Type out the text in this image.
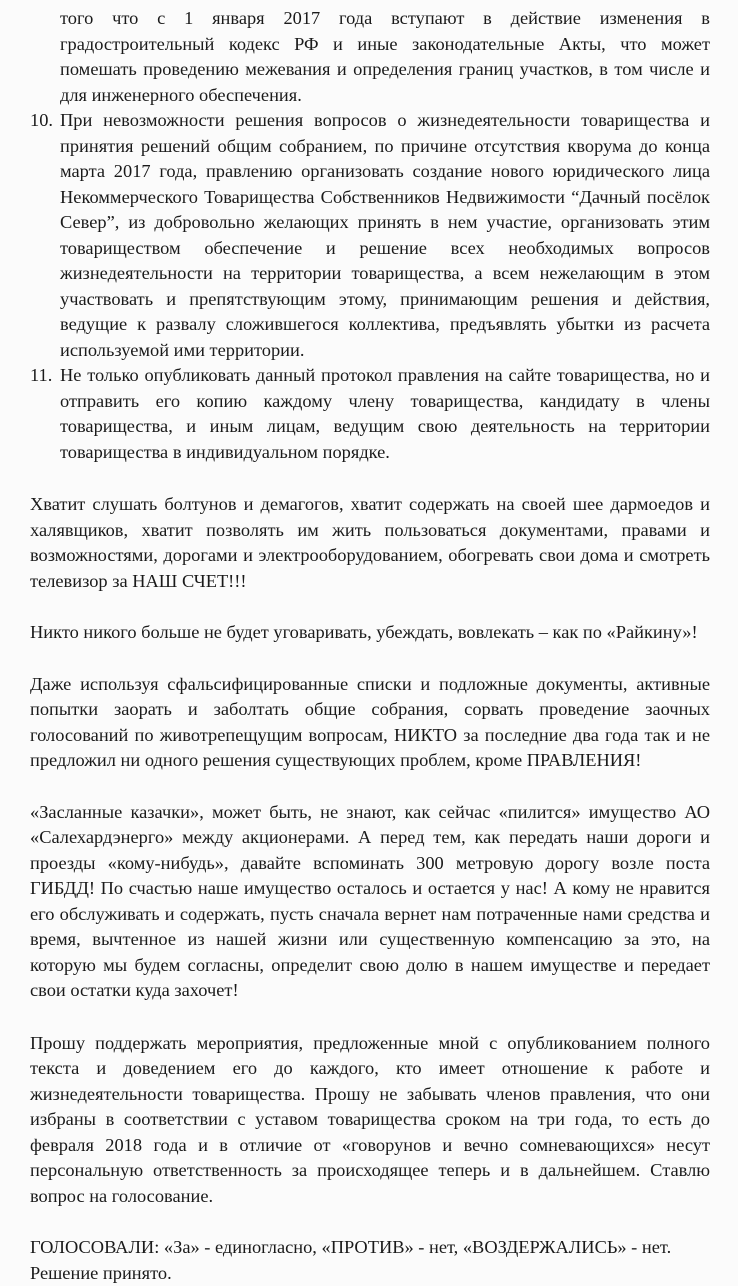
того что с 1 января 2017 года вступают в действие изменения в градостроительный кодекс РФ и иные законодательные Акты, что может помешать проведению межевания и определения границ участков, в том числе и для инженерного обеспечения.

10. При невозможности решения вопросов о жизнедеятельности товарищества и принятия решений общим собранием, по причине отсутствия кворума до конца марта 2017 года, правлению организовать создание нового юридического лица Некоммерческого Товарищества Собственников Недвижимости “Дачный посёлок Север”, из добровольно желающих принять в нем участие, организовать этим товариществом обеспечение и решение всех необходимых вопросов жизнедеятельности на территории товарищества, а всем нежелающим в этом участвовать и препятствующим этому, принимающим решения и действия, ведущие к развалу сложившегося коллектива, предъявлять убытки из расчета используемой ими территории.
11. Не только опубликовать данный протокол правления на сайте товарищества, но и отправить его копию каждому члену товарищества, кандидату в члены товарищества, и иным лицам, ведущим свою деятельность на территории товарищества в индивидуальном порядке.

Хватит слушать болтунов и демагогов, хватит содержать на своей шее дармоедов и халявщиков, хватит позволять им жить пользоваться документами, правами и возможностями, дорогами и электрооборудованием, обогревать свои дома и смотреть телевизор за НАШ СЧЕТ!!!

Никто никого больше не будет уговаривать, убеждать, вовлекать – как по «Райкину»!

Даже используя сфальсифицированные списки и подложные документы, активные попытки заорать и заболтать общие собрания, сорвать проведение заочных голосований по животрепещущим вопросам, НИКТО за последние два года так и не предложил ни одного решения существующих проблем, кроме ПРАВЛЕНИЯ!

«Засланные казачки», может быть, не знают, как сейчас «пилится» имущество АО «Салехардэнерго» между акционерами. А перед тем, как передать наши дороги и проезды «кому-нибудь», давайте вспоминать 300 метровую дорогу возле поста ГИБДД! По счастью наше имущество осталось и остается у нас! А кому не нравится его обслуживать и содержать, пусть сначала вернет нам потраченные нами средства и время, вычтенное из нашей жизни или существенную компенсацию за это, на которую мы будем согласны, определит свою долю в нашем имуществе и передает свои остатки куда захочет!

Прошу поддержать мероприятия, предложенные мной с опубликованием полного текста и доведением его до каждого, кто имеет отношение к работе и жизнедеятельности товарищества. Прошу не забывать членов правления, что они избраны в соответствии с уставом товарищества сроком на три года, то есть до февраля 2018 года и в отличие от «говорунов и вечно сомневающихся» несут персональную ответственность за происходящее теперь и в дальнейшем. Ставлю вопрос на голосование.

ГОЛОСОВАЛИ: «За» - единогласно, «ПРОТИВ» - нет, «ВОЗДЕРЖАЛИСЬ» - нет.
Решение принято.
